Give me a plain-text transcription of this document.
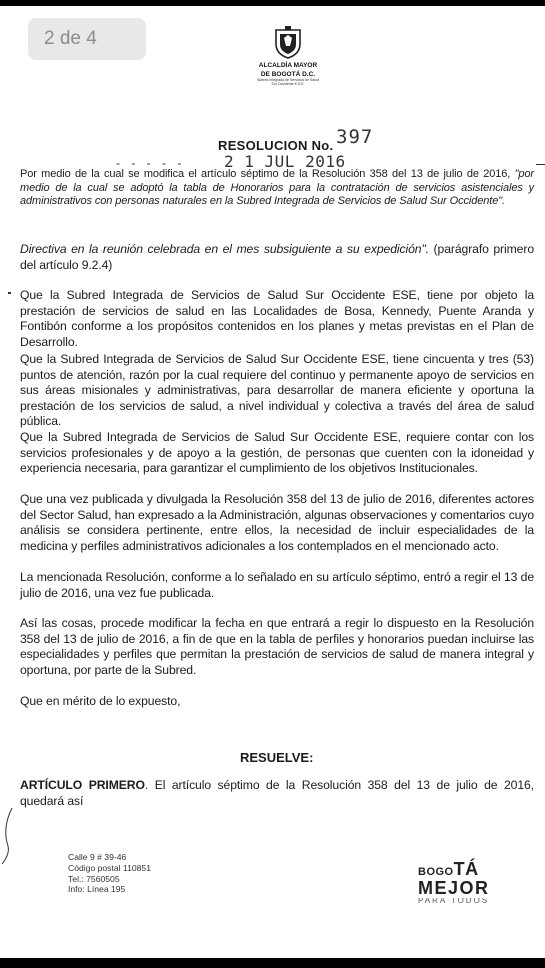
2 de 4
ALCALDÍA MAYOR
DE BOGOTÁ D.C.
Subred Integrada de Servicios de Salud Sur Occidente E.S.E.
RESOLUCION No. 397
- - - - - 2 1 JUL 2016
Por medio de la cual se modifica el artículo séptimo de la Resolución 358 del 13 de julio de 2016, "por medio de la cual se adoptó la tabla de Honorarios para la contratación de servicios asistenciales y administrativos con personas naturales en la Subred Integrada de Servicios de Salud Sur Occidente".
Directiva en la reunión celebrada en el mes subsiguiente a su expedición". (parágrafo primero del artículo 9.2.4)
Que la Subred Integrada de Servicios de Salud Sur Occidente ESE, tiene por objeto la prestación de servicios de salud en las Localidades de Bosa, Kennedy, Puente Aranda y Fontibón conforme a los propósitos contenidos en los planes y metas previstas en el Plan de Desarrollo.
Que la Subred Integrada de Servicios de Salud Sur Occidente ESE, tiene cincuenta y tres (53) puntos de atención, razón por la cual requiere del continuo y permanente apoyo de servicios en sus áreas misionales y administrativas, para desarrollar de manera eficiente y oportuna la prestación de los servicios de salud, a nivel individual y colectiva a través del área de salud pública.
Que la Subred Integrada de Servicios de Salud Sur Occidente ESE, requiere contar con los servicios profesionales y de apoyo a la gestión, de personas que cuenten con la idoneidad y experiencia necesaria, para garantizar el cumplimiento de los objetivos Institucionales.
Que una vez publicada y divulgada la Resolución 358 del 13 de julio de 2016, diferentes actores del Sector Salud, han expresado a la Administración, algunas observaciones y comentarios cuyo análisis se considera pertinente, entre ellos, la necesidad de incluir especialidades de la medicina y perfiles administrativos adicionales a los contemplados en el mencionado acto.
La mencionada Resolución, conforme a lo señalado en su artículo séptimo, entró a regir el 13 de julio de 2016, una vez fue publicada.
Así las cosas, procede modificar la fecha en que entrará a regir lo dispuesto en la Resolución 358 del 13 de julio de 2016, a fin de que en la tabla de perfiles y honorarios puedan incluirse las especialidades y perfiles que permitan la prestación de servicios de salud de manera integral y oportuna, por parte de la Subred.
Que en mérito de lo expuesto,
RESUELVE:
ARTÍCULO PRIMERO. El artículo séptimo de la Resolución 358 del 13 de julio de 2016, quedará así
Calle 9 # 39-46
Código postal 110851
Tel.: 7560505
Info: Línea 195
BOGOTÁ
MEJOR
PARA TODOS
